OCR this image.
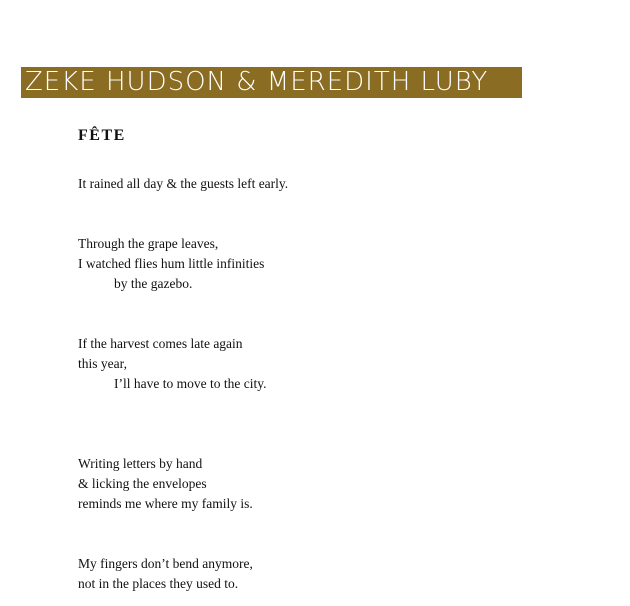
ZEKE HUDSON & MEREDITH LUBY
FÊTE
It rained all day & the guests left early.
Through the grape leaves,
I watched flies hum little infinities
by the gazebo.
If the harvest comes late again
this year,
I’ll have to move to the city.
Writing letters by hand
& licking the envelopes
reminds me where my family is.
My fingers don’t bend anymore,
not in the places they used to.
